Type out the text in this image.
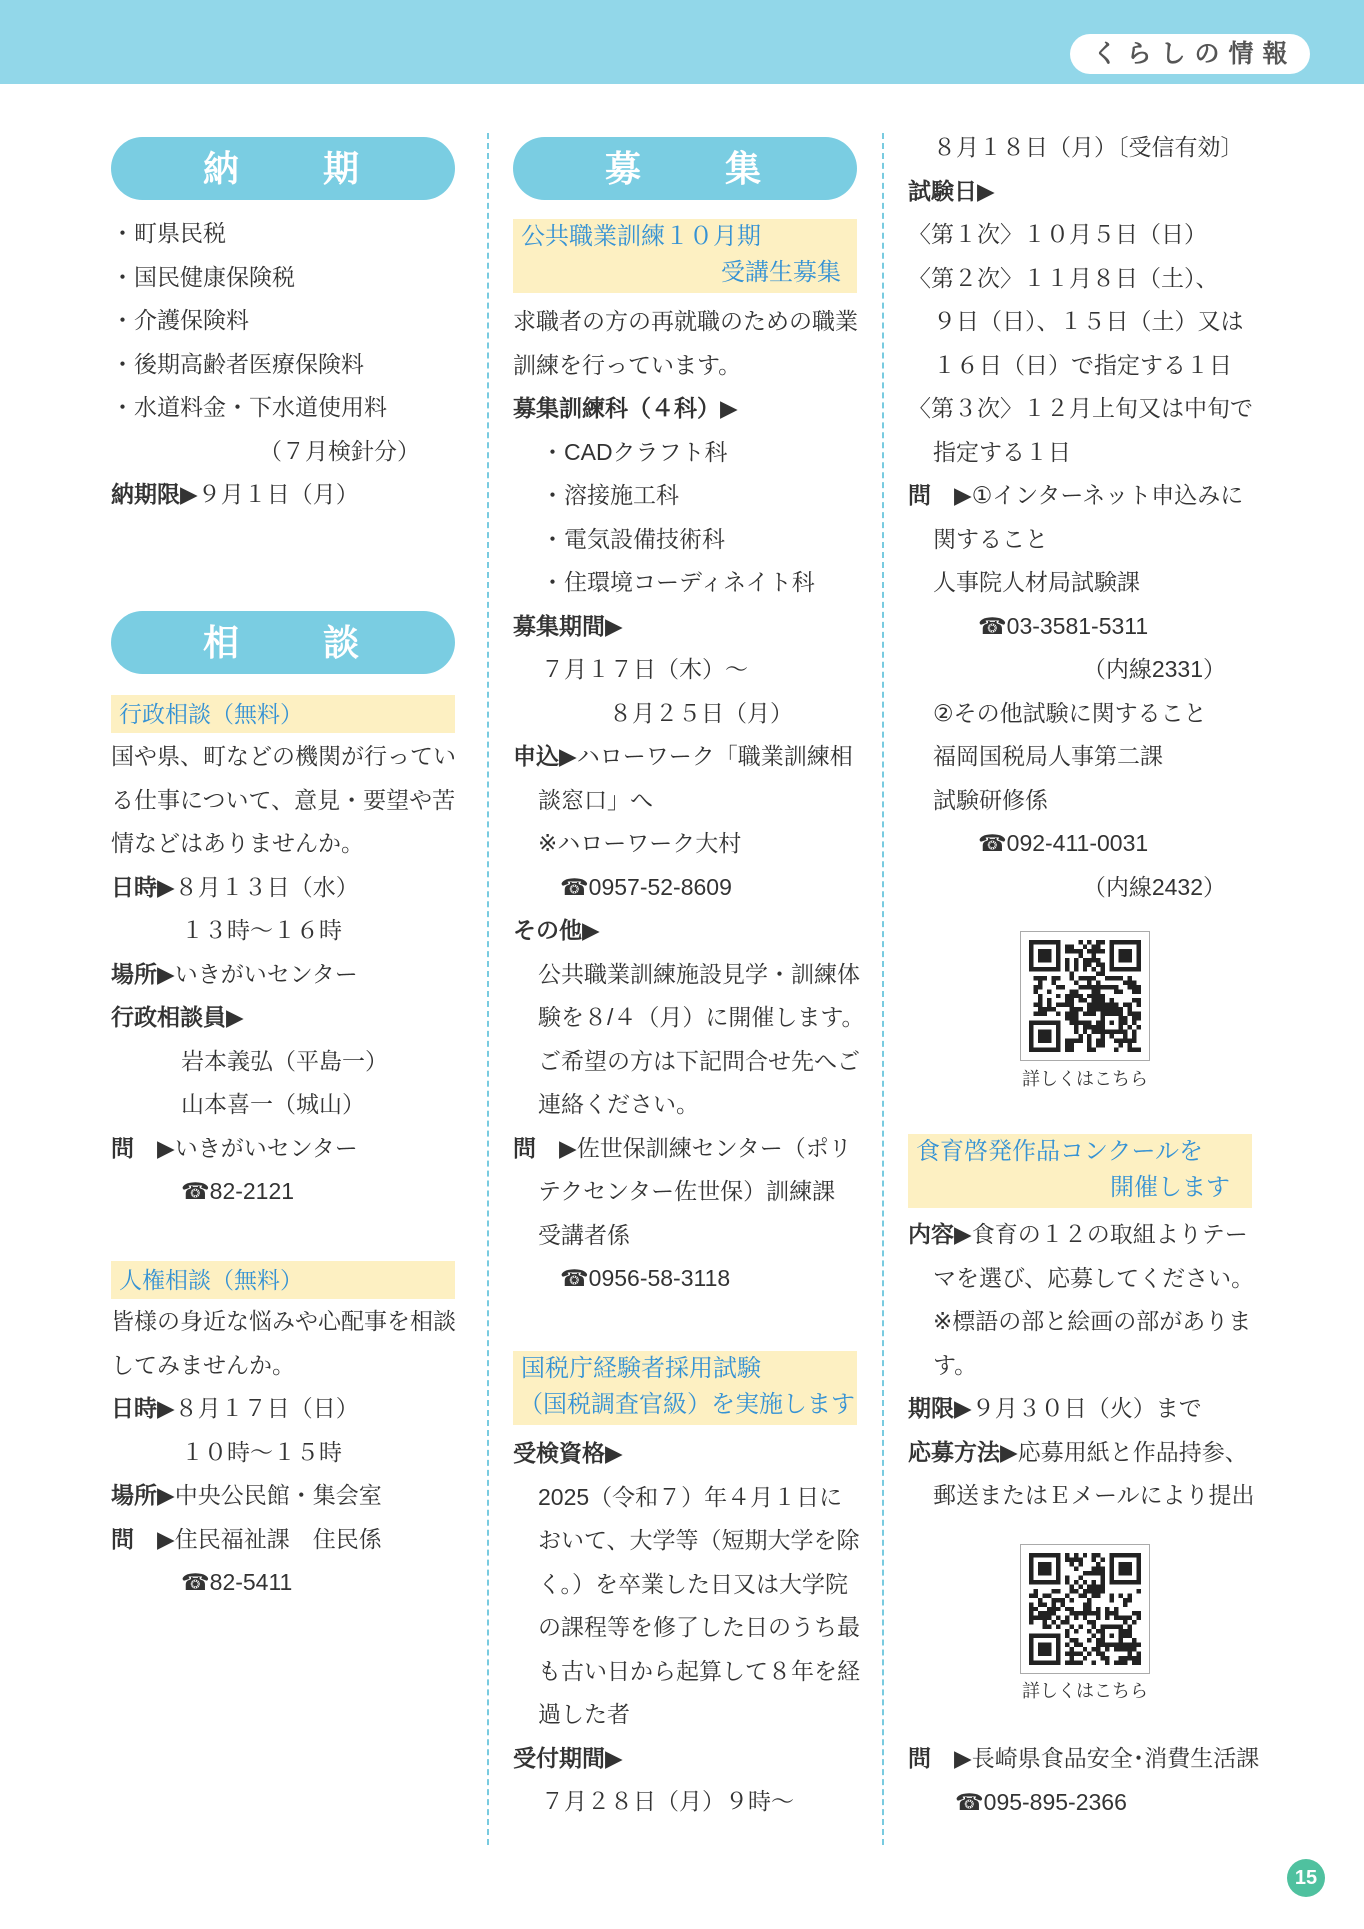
くらしの情報
納　　期
・町県民税
・国民健康保険税
・介護保険料
・後期高齢者医療保険料
・水道料金・下水道使用料
（７月検針分）
納期限▶９月１日（月）
相　　談
行政相談（無料）
国や県、町などの機関が行ってい
る仕事について、意見・要望や苦
情などはありませんか。
日時▶８月１３日（水）
１３時～１６時
場所▶いきがいセンター
行政相談員▶
岩本義弘（平島一）
山本喜一（城山）
問　▶いきがいセンター
☎82-2121
人権相談（無料）
皆様の身近な悩みや心配事を相談
してみませんか。
日時▶８月１７日（日）
１０時～１５時
場所▶中央公民館・集会室
問　▶住民福祉課　住民係
☎82-5411
募　　集
公共職業訓練１０月期
受講生募集
求職者の方の再就職のための職業
訓練を行っています。
募集訓練科（４科）▶
・CADクラフト科
・溶接施工科
・電気設備技術科
・住環境コーディネイト科
募集期間▶
７月１７日（木）～
８月２５日（月）
申込▶ハローワーク「職業訓練相
談窓口」へ
※ハローワーク大村
☎0957-52-8609
その他▶
公共職業訓練施設見学・訓練体
験を８/４（月）に開催します。
ご希望の方は下記問合せ先へご
連絡ください。
問　▶佐世保訓練センター（ポリ
テクセンター佐世保）訓練課
受講者係
☎0956-58-3118
国税庁経験者採用試験
（国税調査官級）を実施します
受検資格▶
2025（令和７）年４月１日に
おいて、大学等（短期大学を除
く。）を卒業した日又は大学院
の課程等を修了した日のうち最
も古い日から起算して８年を経
過した者
受付期間▶
７月２８日（月）９時～
８月１８日（月）〔受信有効〕
試験日▶
〈第１次〉１０月５日（日）
〈第２次〉１１月８日（土）、
９日（日）、１５日（土）又は
１６日（日）で指定する１日
〈第３次〉１２月上旬又は中旬で
指定する１日
問　▶①インターネット申込みに
関すること
人事院人材局試験課
☎03-3581-5311
（内線2331）
②その他試験に関すること
福岡国税局人事第二課
試験研修係
☎092-411-0031
（内線2432）
詳しくはこちら
食育啓発作品コンクールを
開催します
内容▶食育の１２の取組よりテー
マを選び、応募してください。
※標語の部と絵画の部がありま
す。
期限▶９月３０日（火）まで
応募方法▶応募用紙と作品持参、
郵送またはＥメールにより提出
詳しくはこちら
問　▶長崎県食品安全･消費生活課
☎095-895-2366
15
